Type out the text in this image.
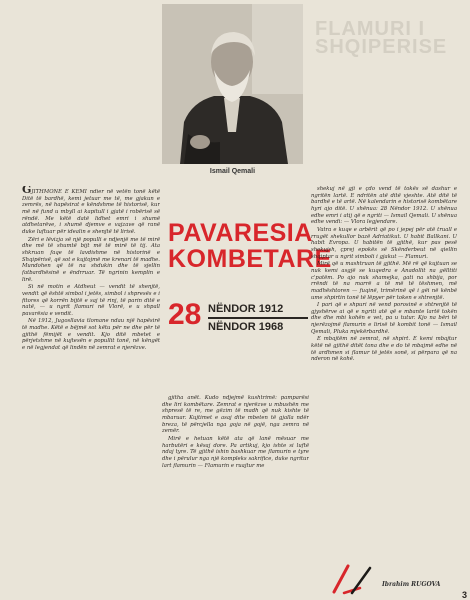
Ismail Qemali
FLAMURI I SHQIPERISE

GJITHMONE E KEMI ndier në vetën tonë këtë Ditë të bardhë, kemi jetuar me të, me gjakun e zemrës, në hapësirat e këndshme të historisë, kur më në fund u mbyll ai kapitull i gjatë i robërisë së rëndë. Me këtë datë lidhet emri i shumë atdhetarëve, i shumë djemve e vajzave që ranë duke luftuar për idealin e shenjtë të lirisë.

Zëri e lëvizja së një populli e ndjenjë me të mirë dhe më të shumtë bijt më të mirë të tij. Ata shkruan faqe të lavdishme në historinë e Shqipërisë, që sot e kujtojmë me krenari të madhe. Mundohen që të na shdukin dhe të sjellin fatbardhësinë e ëndrruar. Të ngrinin kemplin e lirë.

Si në motin e Atdheut — vendit të shenjtë, vendit që është simbol i jetës, simbol i shpresës e i fitores që korrën bijtë e saj të rinj, të parin ditë e natë, — u ngrit flamuri në Vlorë, e u shpall pavarësia e vendit.

Në 1912, Jugosllavia tlomane ndau një hapësirë të madhe. Këtë e bëjmë sot këtu për ne dhe për të gjithë fëmijët e vendit. Kjo ditë mbetet e përjetshme në kujtesën e popullit tonë, në këngët e në legjendat që lindën në zemrat e njerëzve.

PAVARESIA
KOMBETARE
28 NËNDOR 1912
NËNDOR 1968

gjitha anët. Kudo ndjejmë kushtrimë: pamparësi dhe liri kombëtare. Zemrat e njerëzve u mbushën me shpresë të re, me gëzim të madh që nuk kishte të mbaruar. Kujtimet e asaj dite mbeten të gjalla ndër breza, të përcjella nga goja në gojë, nga zemra në zemër.

Mirë e hetuan këtë ata që lanë mësuar me harbutëri e kësaj dore. Pa artikuj, kjo ishte si luftë ndaj tyre. Të gjithë ishin bashkuar me flamurin e tyre dhe i përulur nga një kompleks sakrifice, duke ngritur lart flamurin — Flamurin e ruajtur me

shekuj në gji e çdo vend të tokës së dashur e ngritën lartë. E ndritën atë ditë vjeshte. Atë ditë të bardhë e të artë. Në kalendarin e historisë kombëtare hyri ajo ditë. U shënua: 28 Nëndor 1912. U shënua edhe emri i atij që e ngriti — Ismail Qemali. U shënua edhe vendi: — Vlora legjendare.

Vatra e kuqe e arbërit që po i jepej për atë truall e rrugët shekullor bazë Adriatikut. U habit Ballkani. U habit Evropa. U habitën të gjithë, kur pas pesë shekujsh, çprej epokës së Skënderbeut në qiellin shqiptar u ngrit simboli i gjakut — Flamuri.

Mirë që u mashtruan të gjithë. Më rë që kujtuan se nuk kemi asgjë se kuqedra e Anadollit na gëlltiti c'patëm. Po ajo nuk shamejka, gati na shbija, por rrëndi të na marrë a të më të tëshmen, më madhështoren — fuqinë, trimërinë që i gëi në kënbë ume shpirtin tonë të lëpyer për token e shtrenjtë.

I pari që e shpuri në vend porosinë e shtrenjtë të gjyshërve ai që e ngriti atë që e mbante lartë tokën dhe dhe mbi kohën e vet, pa u tutur. Kjo na bëri të njerëzojmë flamurin e lirisë të kombit tonë — Ismail Qemali, Pluka mjekërbardhë.

E mbajtëm në zemrat, në shpirt. E kemi mbajtur këtë në gjithë ditët tona dhe e do të mbajmë edhe në të ardhmen si flamur të jetës sonë, si përpara që na nderon në kohë.

Ibrahim RUGOVA
3
